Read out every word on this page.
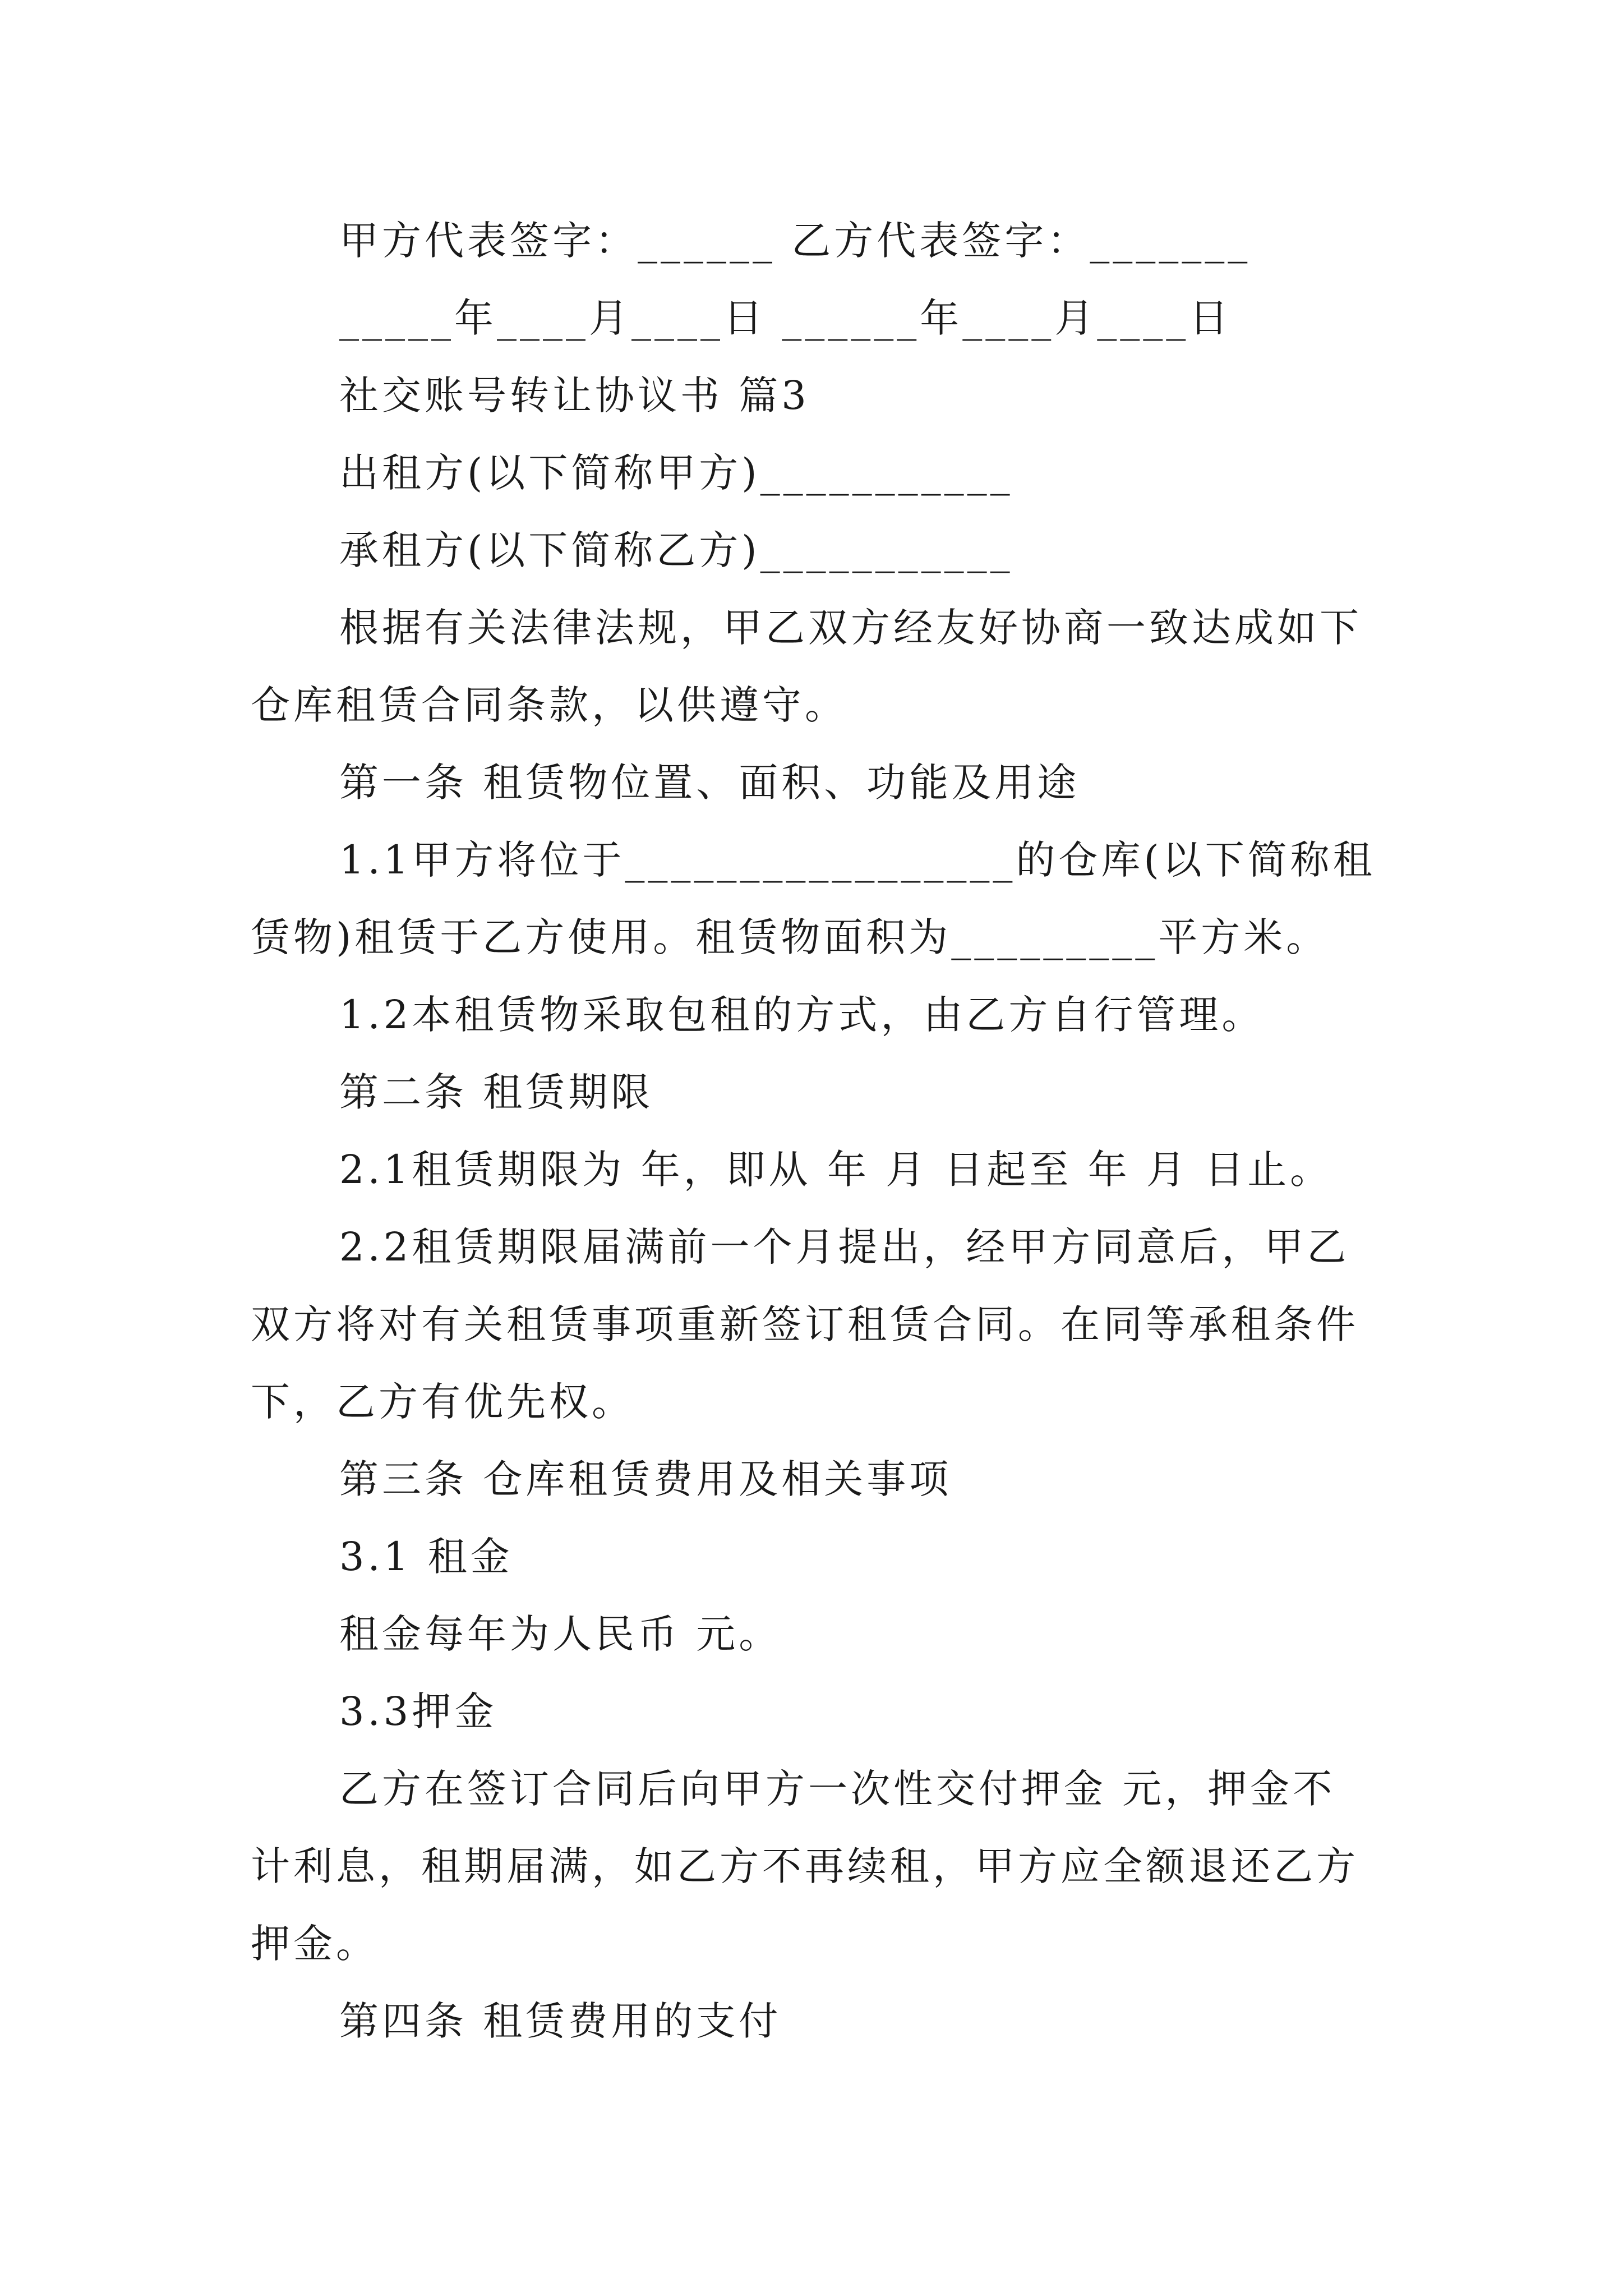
甲方代表签字：______ 乙方代表签字：_______
_____年____月____日 ______年____月____日
社交账号转让协议书 篇3
出租方(以下简称甲方)___________
承租方(以下简称乙方)___________
根据有关法律法规，甲乙双方经友好协商一致达成如下
仓库租赁合同条款，以供遵守。
第一条 租赁物位置、面积、功能及用途
1.1甲方将位于_________________的仓库(以下简称租
赁物)租赁于乙方使用。租赁物面积为_________平方米。
1.2本租赁物采取包租的方式，由乙方自行管理。
第二条 租赁期限
2.1租赁期限为 年，即从 年 月 日起至 年 月 日止。
2.2租赁期限届满前一个月提出，经甲方同意后，甲乙
双方将对有关租赁事项重新签订租赁合同。在同等承租条件
下，乙方有优先权。
第三条 仓库租赁费用及相关事项
3.1 租金
租金每年为人民币 元。
3.3押金
乙方在签订合同后向甲方一次性交付押金 元，押金不
计利息，租期届满，如乙方不再续租，甲方应全额退还乙方
押金。
第四条 租赁费用的支付
